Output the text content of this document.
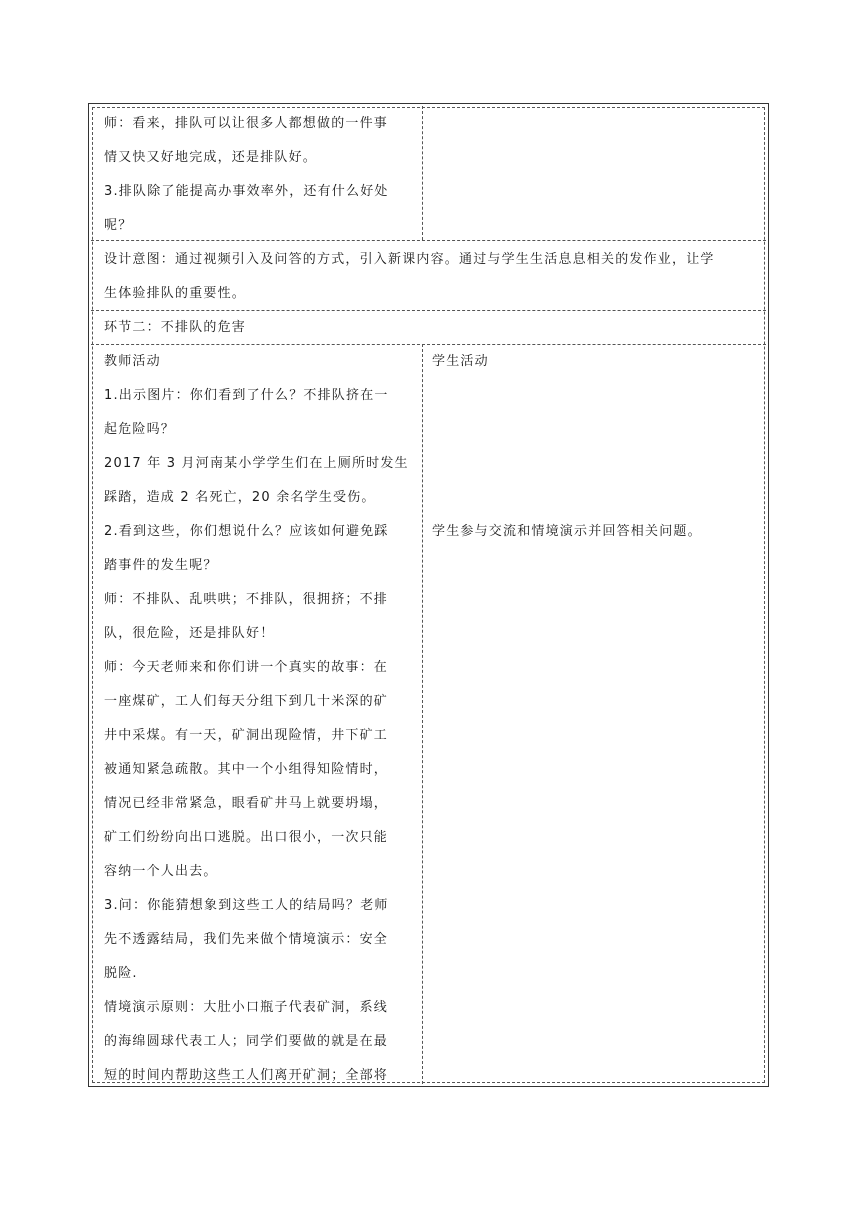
师：看来，排队可以让很多人都想做的一件事
情又快又好地完成，还是排队好。
3.排队除了能提高办事效率外，还有什么好处
呢？
设计意图：通过视频引入及问答的方式，引入新课内容。通过与学生生活息息相关的发作业，让学
生体验排队的重要性。
环节二：不排队的危害
教师活动	学生活动
1.出示图片：你们看到了什么？不排队挤在一
起危险吗？
2017 年 3 月河南某小学学生们在上厕所时发生
踩踏，造成 2 名死亡，20 余名学生受伤。
2.看到这些，你们想说什么？应该如何避免踩
踏事件的发生呢？
师：不排队、乱哄哄；不排队，很拥挤；不排
队，很危险，还是排队好！
师：今天老师来和你们讲一个真实的故事：在
一座煤矿，工人们每天分组下到几十米深的矿
井中采煤。有一天，矿洞出现险情，井下矿工
被通知紧急疏散。其中一个小组得知险情时，
情况已经非常紧急，眼看矿井马上就要坍塌，
矿工们纷纷向出口逃脱。出口很小，一次只能
容纳一个人出去。
3.问：你能猜想象到这些工人的结局吗？老师
先不透露结局，我们先来做个情境演示：安全
脱险.
情境演示原则：大肚小口瓶子代表矿洞，系线
的海绵圆球代表工人；同学们要做的就是在最
短的时间内帮助这些工人们离开矿洞；全部将
学生参与交流和情境演示并回答相关问题。
